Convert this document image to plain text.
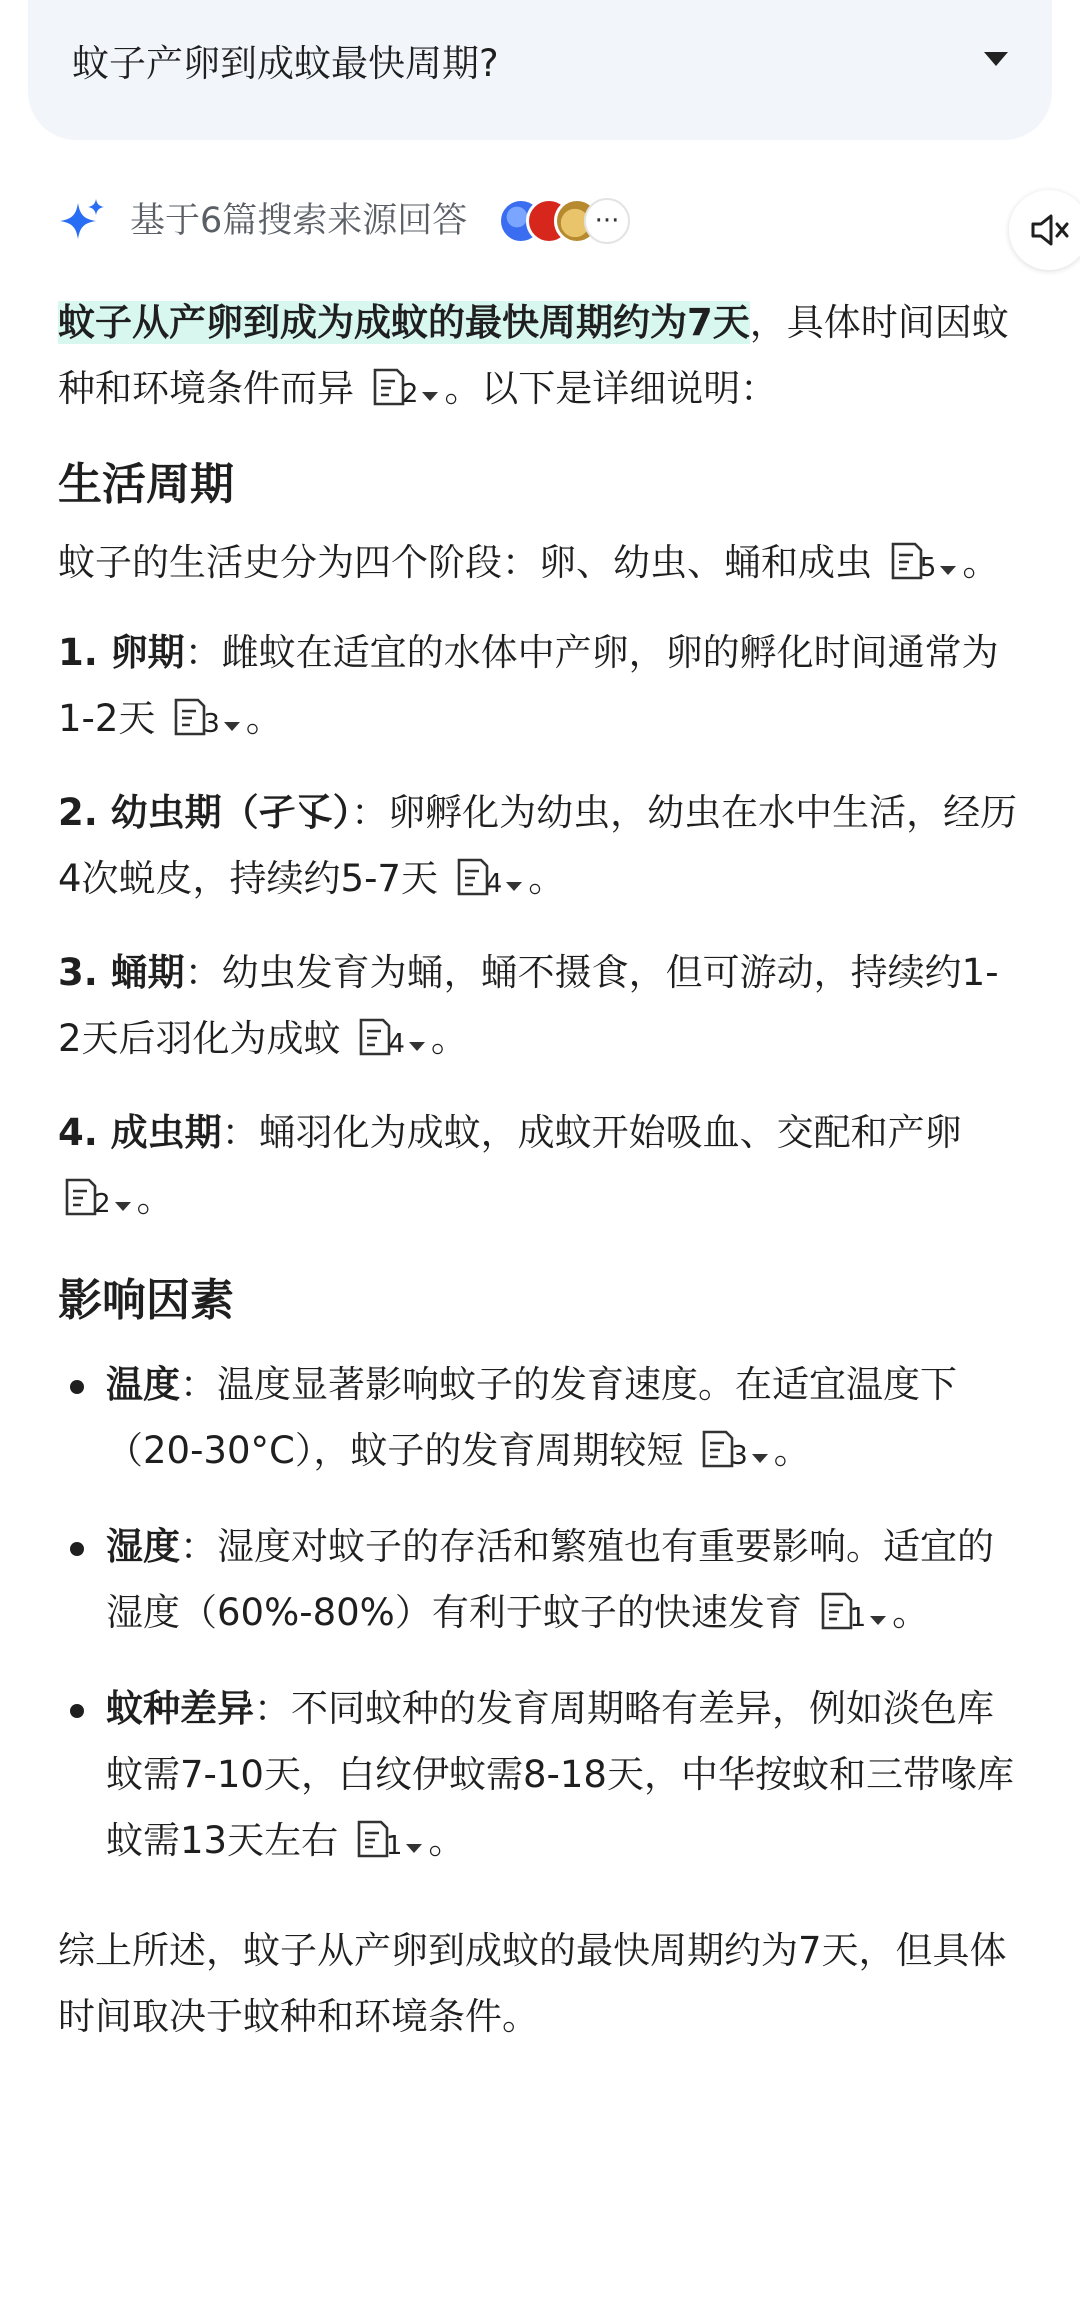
蚊子产卵到成蚊最快周期?
基于6篇搜索来源回答	···

蚊子从产卵到成为成蚊的最快周期约为7天，具体时间因蚊种和环境条件而异 2 。以下是详细说明：

生活周期

蚊子的生活史分为四个阶段：卵、幼虫、蛹和成虫 5 。

1. 卵期：雌蚊在适宜的水体中产卵，卵的孵化时间通常为1-2天 3 。

2. 幼虫期（孑孓）：卵孵化为幼虫，幼虫在水中生活，经历4次蜕皮，持续约5-7天 4 。

3. 蛹期：幼虫发育为蛹，蛹不摄食，但可游动，持续约1-2天后羽化为成蚊 4 。

4. 成虫期：蛹羽化为成蚊，成蚊开始吸血、交配和产卵
2 。

影响因素
温度：温度显著影响蚊子的发育速度。在适宜温度下（20-30°C），蚊子的发育周期较短 3 。
湿度：湿度对蚊子的存活和繁殖也有重要影响。适宜的湿度（60%-80%）有利于蚊子的快速发育 1 。
蚊种差异：不同蚊种的发育周期略有差异，例如淡色库蚊需7-10天，白纹伊蚊需8-18天，中华按蚊和三带喙库蚊需13天左右 1 。

综上所述，蚊子从产卵到成蚊的最快周期约为7天，但具体时间取决于蚊种和环境条件。
